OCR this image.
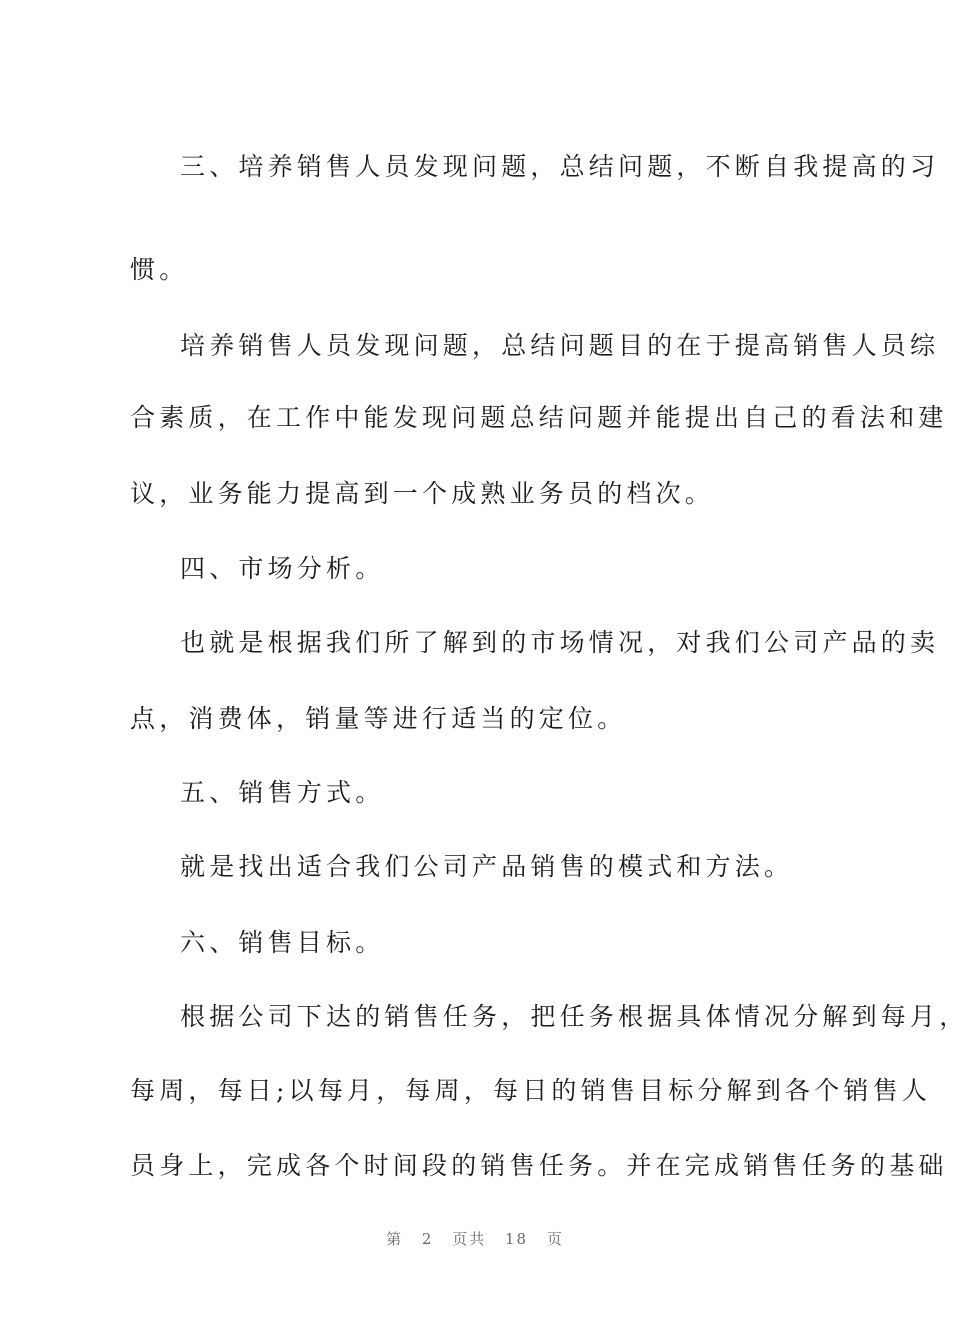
三、培养销售人员发现问题，总结问题，不断自我提高的习
惯。
培养销售人员发现问题，总结问题目的在于提高销售人员综
合素质，在工作中能发现问题总结问题并能提出自己的看法和建
议，业务能力提高到一个成熟业务员的档次。
四、市场分析。
也就是根据我们所了解到的市场情况，对我们公司产品的卖
点，消费体，销量等进行适当的定位。
五、销售方式。
就是找出适合我们公司产品销售的模式和方法。
六、销售目标。
根据公司下达的销售任务，把任务根据具体情况分解到每月，
每周，每日;以每月，每周，每日的销售目标分解到各个销售人
员身上，完成各个时间段的销售任务。并在完成销售任务的基础
第 2 页共 18 页
